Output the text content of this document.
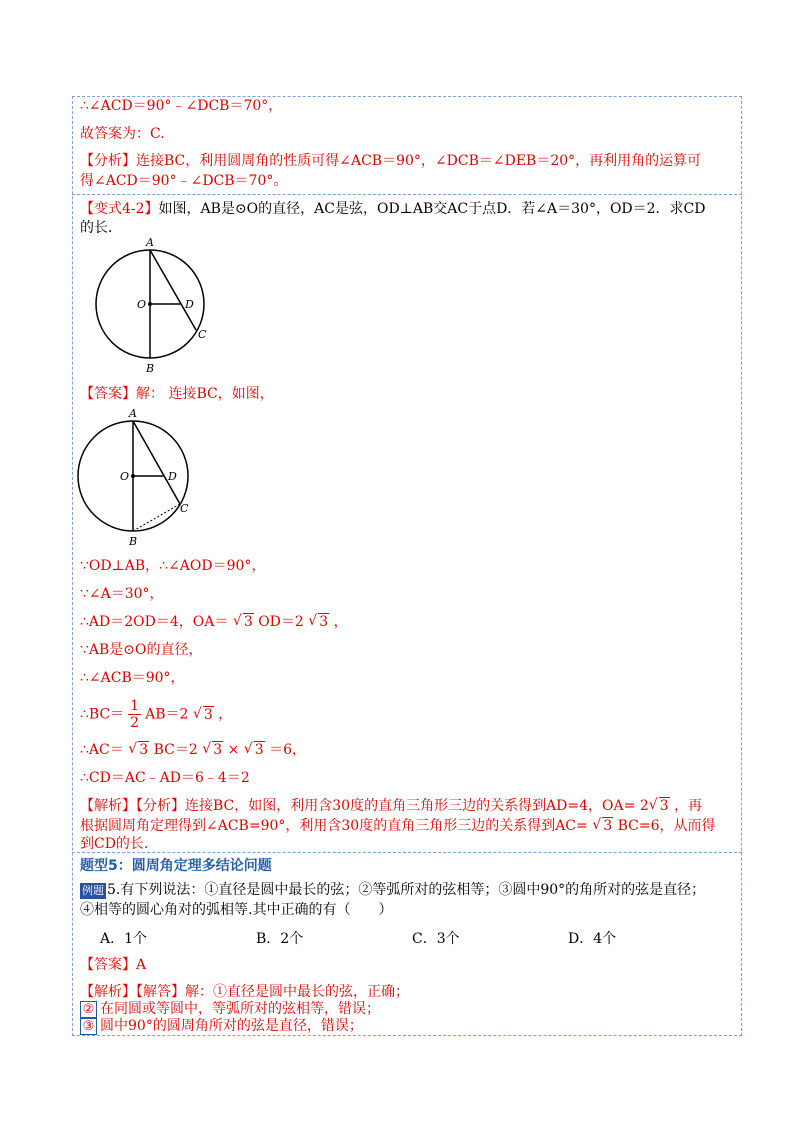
∴∠ACD＝90°﹣∠DCB＝70°，
故答案为：C.
【分析】连接BC，利用圆周角的性质可得∠ACB＝90°，∠DCB＝∠DEB＝20°，再利用角的运算可
得∠ACD＝90°﹣∠DCB＝70°。
【变式4-2】如图，AB是⊙O的直径，AC是弦，OD⊥AB交AC于点D．若∠A＝30°，OD＝2．求CD
的长．
A
O	D
C
B
【答案】解： 连接BC，如图，
A
O	D
C
B
∵OD⊥AB，∴∠AOD＝90°，
∵∠A＝30°，
∴AD＝2OD＝4，OA＝ √ 3 OD＝2 √ 3 ，
∵AB是⊙O的直径，
∴∠ACB＝90°，
∴BC＝ $\frac{1}{2} AB=2$ √ 3 ，
∴AC＝ √ 3 BC＝2 √ 3 × √ 3 ＝6，
∴CD＝AC﹣AD＝6﹣4＝2
【解析】【分析】连接BC，如图，利用含30度的直角三角形三边的关系得到AD=4，OA= 2 √ 3 ，再
根据圆周角定理得到∠ACB=90°，利用含30度的直角三角形三边的关系得到AC= √ 3 BC=6，从而得
到CD的长.
题型5：圆周角定理多结论问题
例题 5.有下列说法：①直径是圆中最长的弦；②等弧所对的弦相等；③圆中90°的角所对的弦是直径；
④相等的圆心角对的弧相等.其中正确的有（　　）
A．1个	B．2个	C．3个	D．4个
【答案】A
【解析】【解答】解：①直径是圆中最长的弦，正确；
② 在同圆或等圆中，等弧所对的弦相等，错误；
③ 圆中90°的圆周角所对的弦是直径，错误；
